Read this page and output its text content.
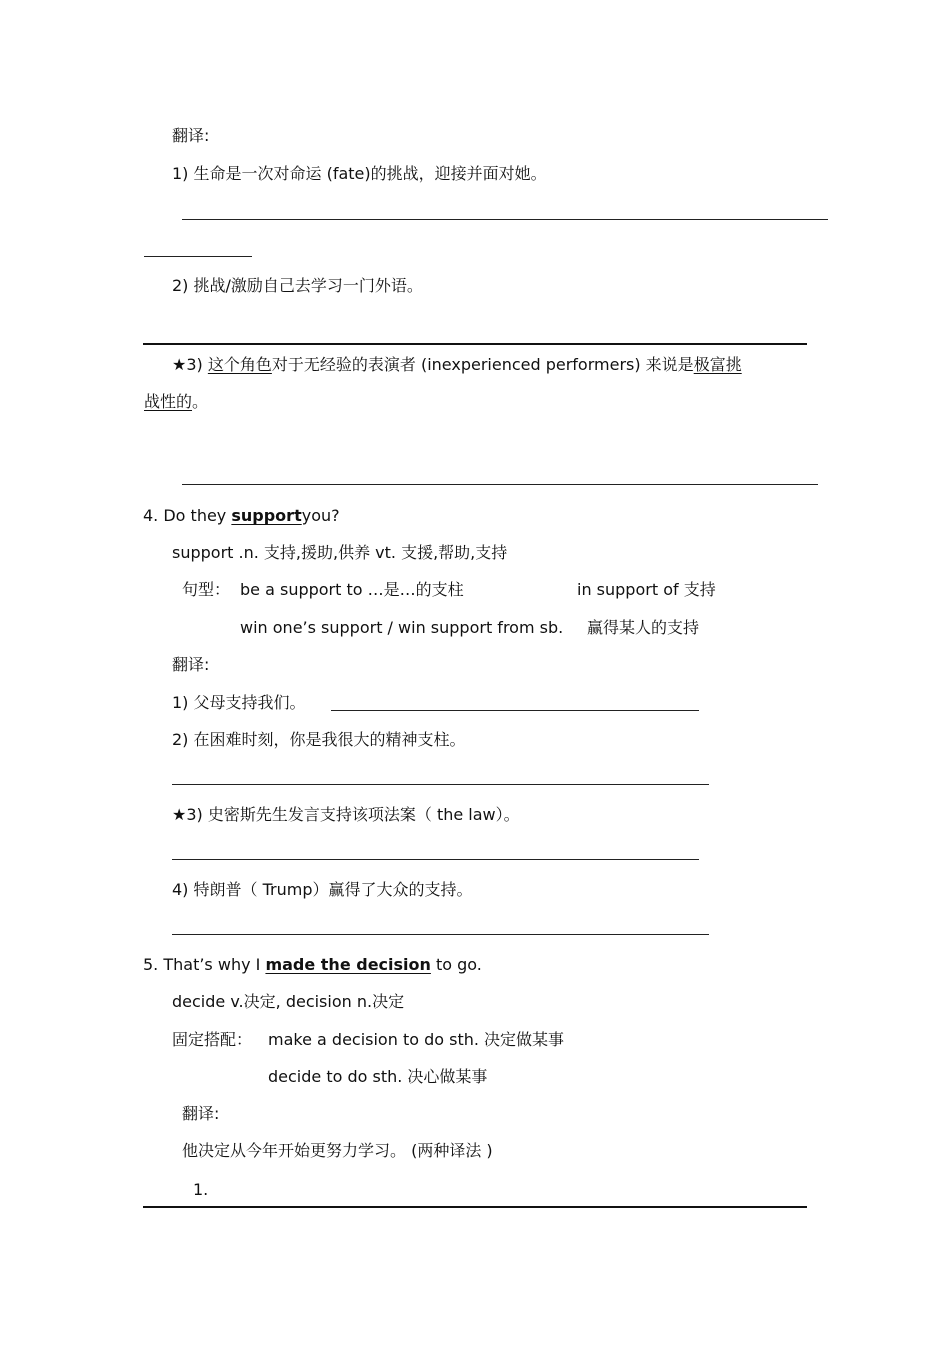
翻译:
1) 生命是一次对命运 (fate)的挑战，迎接并面对她。
2) 挑战/激励自己去学习一门外语。
★3) 这个角色对于无经验的表演者 (inexperienced performers) 来说是极富挑
战性的。
4. Do they supportyou?
support .n. 支持,援助,供养 vt. 支援,帮助,支持
句型： be a support to …是…的支柱	in support of 支持
win one’s support / win support from sb. 赢得某人的支持
翻译:
1) 父母支持我们。
2) 在困难时刻，你是我很大的精神支柱。
★3) 史密斯先生发言支持该项法案（ the law）。
4) 特朗普（ Trump）赢得了大众的支持。
5. That’s why I made the decision to go.
decide v.决定, decision n.决定
固定搭配： make a decision to do sth. 决定做某事
decide to do sth. 决心做某事
翻译:
他决定从今年开始更努力学习。 (两种译法 )
1.
